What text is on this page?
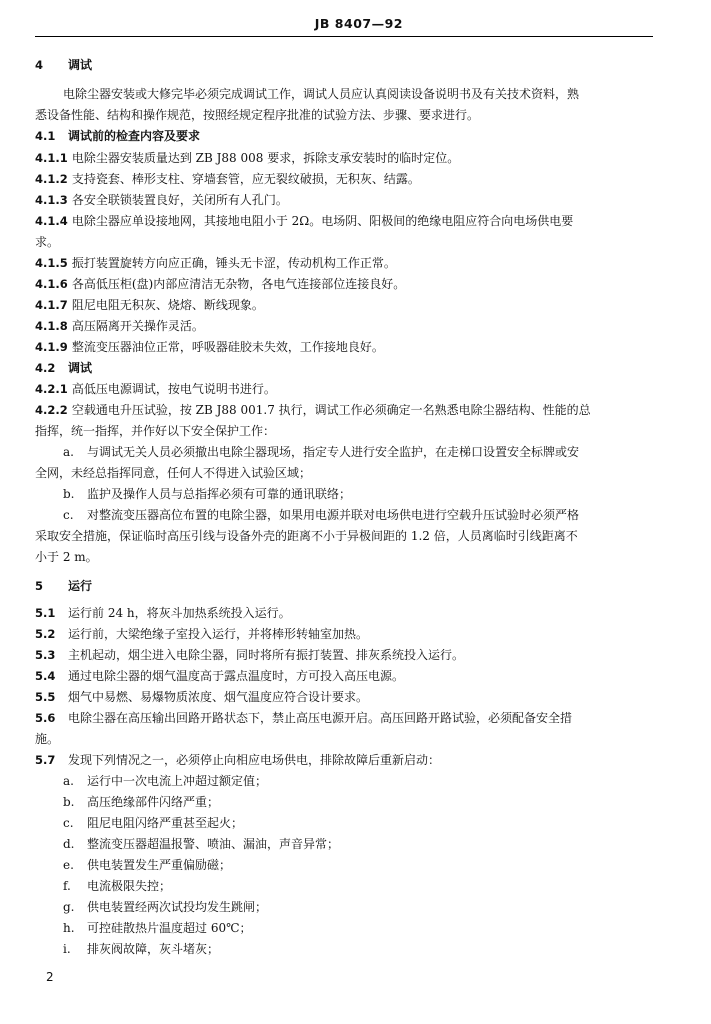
JB 8407—92
4 调试
电除尘器安装或大修完毕必须完成调试工作，调试人员应认真阅读设备说明书及有关技术资料，熟
悉设备性能、结构和操作规范，按照经规定程序批准的试验方法、步骤、要求进行。
4.1 调试前的检查内容及要求
4.1.1 电除尘器安装质量达到 ZB J88 008 要求，拆除支承安装时的临时定位。
4.1.2 支持瓷套、棒形支柱、穿墙套管，应无裂纹破损，无积灰、结露。
4.1.3 各安全联锁装置良好，关闭所有人孔门。
4.1.4 电除尘器应单设接地网，其接地电阻小于 2Ω。电场阴、阳极间的绝缘电阻应符合向电场供电要
求。
4.1.5 振打装置旋转方向应正确，锤头无卡涩，传动机构工作正常。
4.1.6 各高低压柜(盘)内部应清洁无杂物，各电气连接部位连接良好。
4.1.7 阻尼电阻无积灰、烧熔、断线现象。
4.1.8 高压隔离开关操作灵活。
4.1.9 整流变压器油位正常，呼吸器硅胶未失效，工作接地良好。
4.2 调试
4.2.1 高低压电源调试，按电气说明书进行。
4.2.2 空载通电升压试验，按 ZB J88 001.7 执行，调试工作必须确定一名熟悉电除尘器结构、性能的总
指挥，统一指挥，并作好以下安全保护工作：
a. 与调试无关人员必须撤出电除尘器现场，指定专人进行安全监护，在走梯口设置安全标牌或安
全网，未经总指挥同意，任何人不得进入试验区域；
b. 监护及操作人员与总指挥必须有可靠的通讯联络；
c. 对整流变压器高位布置的电除尘器，如果用电源并联对电场供电进行空载升压试验时必须严格
采取安全措施，保证临时高压引线与设备外壳的距离不小于异极间距的 1.2 倍，人员离临时引线距离不
小于 2 m。
5 运行
5.1 运行前 24 h，将灰斗加热系统投入运行。
5.2 运行前，大梁绝缘子室投入运行，并将棒形转轴室加热。
5.3 主机起动，烟尘进入电除尘器，同时将所有振打装置、排灰系统投入运行。
5.4 通过电除尘器的烟气温度高于露点温度时，方可投入高压电源。
5.5 烟气中易燃、易爆物质浓度、烟气温度应符合设计要求。
5.6 电除尘器在高压输出回路开路状态下，禁止高压电源开启。高压回路开路试验，必须配备安全措
施。
5.7 发现下列情况之一，必须停止向相应电场供电，排除故障后重新启动：
a. 运行中一次电流上冲超过额定值；
b. 高压绝缘部件闪络严重；
c. 阻尼电阻闪络严重甚至起火；
d. 整流变压器超温报警、喷油、漏油，声音异常；
e. 供电装置发生严重偏励磁；
f. 电流极限失控；
g. 供电装置经两次试投均发生跳闸；
h. 可控硅散热片温度超过 60℃；
i. 排灰阀故障，灰斗堵灰；
2
